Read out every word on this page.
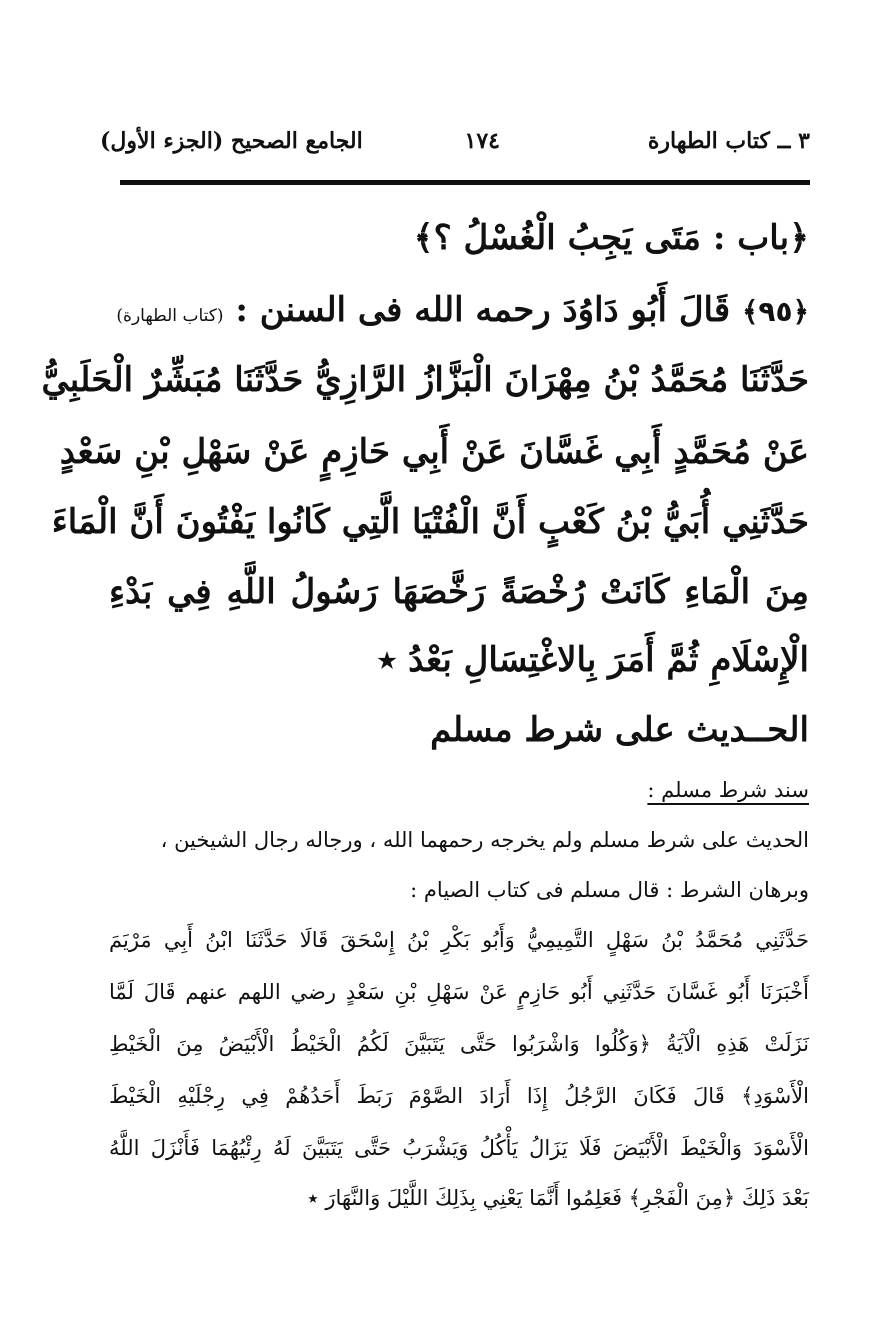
٣ ــ كتاب الطهارة
١٧٤
الجامع الصحيح (الجزء الأول)
﴿باب : مَتَى يَجِبُ الْغُسْلُ ؟﴾
﴿٩٥﴾ قَالَ أَبُو دَاوُدَ رحمه الله فى السنن : (كتاب الطهارة)
حَدَّثَنَا مُحَمَّدُ بْنُ مِهْرَانَ الْبَزَّازُ الرَّازِيُّ حَدَّثَنَا مُبَشِّرٌ الْحَلَبِيُّ
عَنْ مُحَمَّدٍ أَبِي غَسَّانَ عَنْ أَبِي حَازِمٍ عَنْ سَهْلِ بْنِ سَعْدٍ
حَدَّثَنِي أُبَيُّ بْنُ كَعْبٍ أَنَّ الْفُتْيَا الَّتِي كَانُوا يَفْتُونَ أَنَّ الْمَاءَ
مِنَ الْمَاءِ كَانَتْ رُخْصَةً رَخَّصَهَا رَسُولُ اللَّهِ فِي بَدْءِ
الْإِسْلَامِ ثُمَّ أَمَرَ بِالاغْتِسَالِ بَعْدُ ٭
الحــديث على شرط مسلم
سند شرط مسلم :
الحديث على شرط مسلم ولم يخرجه رحمهما الله ، ورجاله رجال الشيخين ،
وبرهان الشرط : قال مسلم فى كتاب الصيام :
حَدَّثَنِي مُحَمَّدُ بْنُ سَهْلٍ التَّمِيمِيُّ وَأَبُو بَكْرِ بْنُ إِسْحَقَ قَالَا حَدَّثَنَا ابْنُ أَبِي مَرْيَمَ
أَخْبَرَنَا أَبُو غَسَّانَ حَدَّثَنِي أَبُو حَازِمٍ عَنْ سَهْلِ بْنِ سَعْدٍ رضي اللهم عنهم قَالَ لَمَّا
نَزَلَتْ هَذِهِ الْآيَةُ ﴿وَكُلُوا وَاشْرَبُوا حَتَّى يَتَبَيَّنَ لَكُمُ الْخَيْطُ الْأَبْيَضُ مِنَ الْخَيْطِ
الْأَسْوَدِ﴾ قَالَ فَكَانَ الرَّجُلُ إِذَا أَرَادَ الصَّوْمَ رَبَطَ أَحَدُهُمْ فِي رِجْلَيْهِ الْخَيْطَ
الْأَسْوَدَ وَالْخَيْطَ الْأَبْيَضَ فَلَا يَزَالُ يَأْكُلُ وَيَشْرَبُ حَتَّى يَتَبَيَّنَ لَهُ رِئْيُهُمَا فَأَنْزَلَ اللَّهُ
بَعْدَ ذَلِكَ ﴿مِنَ الْفَجْرِ﴾ فَعَلِمُوا أَنَّمَا يَعْنِي بِذَلِكَ اللَّيْلَ وَالنَّهَارَ ٭
